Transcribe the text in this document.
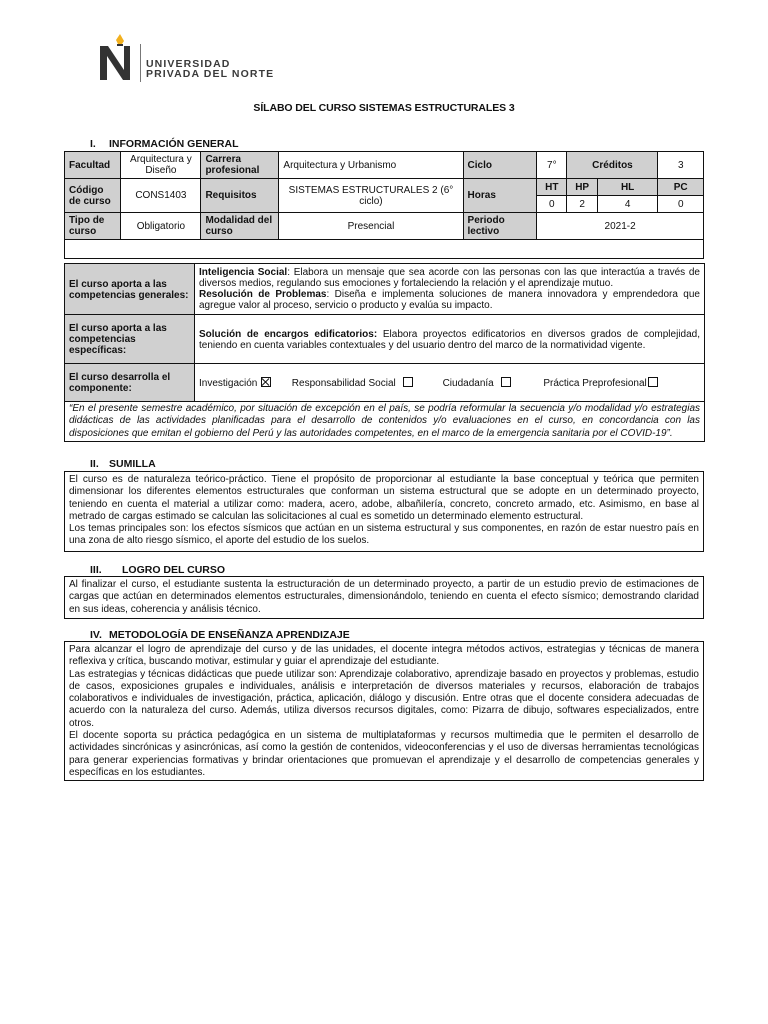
UNIVERSIDAD
PRIVADA DEL NORTE
SÍLABO DEL CURSO SISTEMAS ESTRUCTURALES 3
I. INFORMACIÓN GENERAL
Facultad	Arquitectura y Diseño	Carrera profesional	Arquitectura y Urbanismo	Ciclo	7°	Créditos		3
Código de curso	CONS1403	Requisitos	SISTEMAS ESTRUCTURALES 2 (6° ciclo)	Horas	HT	HP	HL	PC
					0	2	4	0
Tipo de curso	Obligatorio	Modalidad del curso	Presencial	Periodo lectivo	2021-2			

El curso aporta a las competencias generales:	Inteligencia Social: Elabora un mensaje que sea acorde con las personas con las que interactúa a través de diversos medios, regulando sus emociones y fortaleciendo la relación y el aprendizaje mutuo.
Resolución de Problemas: Diseña e implementa soluciones de manera innovadora y emprendedora que agregue valor al proceso, servicio o producto y evalúa su impacto.
El curso aporta a las competencias específicas:	Solución de encargos edificatorios: Elabora proyectos edificatorios en diversos grados de complejidad, teniendo en cuenta variables contextuales y del usuario dentro del marco de la normatividad vigente.
El curso desarrolla el componente:	Investigación Responsabilidad Social Ciudadanía Práctica Preprofesional
“En el presente semestre académico, por situación de excepción en el país, se podría reformular la secuencia y/o modalidad y/o estrategias didácticas de las actividades planificadas para el desarrollo de contenidos y/o evaluaciones en el curso, en concordancia con las disposiciones que emitan el gobierno del Perú y las autoridades competentes, en el marco de la emergencia sanitaria por el COVID-19”.	
II. SUMILLA

El curso es de naturaleza teórico-práctico. Tiene el propósito de proporcionar al estudiante la base conceptual y teórica que permiten dimensionar los diferentes elementos estructurales que conforman un sistema estructural que se adopte en un determinado proyecto, teniendo en cuenta el material a utilizar como: madera, acero, adobe, albañilería, concreto, concreto armado, etc. Asimismo, en base al metrado de cargas estimado se calculan las solicitaciones al cual es sometido un determinado elemento estructural.

Los temas principales son: los efectos sísmicos que actúan en un sistema estructural y sus componentes, en razón de estar nuestro país en una zona de alto riesgo sísmico, el aporte del estudio de los suelos.

III. LOGRO DEL CURSO

Al finalizar el curso, el estudiante sustenta la estructuración de un determinado proyecto, a partir de un estudio previo de estimaciones de cargas que actúan en determinados elementos estructurales, dimensionándolo, teniendo en cuenta el efecto sísmico; demostrando claridad en sus ideas, coherencia y análisis técnico.

IV. METODOLOGÍA DE ENSEÑANZA APRENDIZAJE

Para alcanzar el logro de aprendizaje del curso y de las unidades, el docente integra métodos activos, estrategias y técnicas de manera reflexiva y crítica, buscando motivar, estimular y guiar el aprendizaje del estudiante.

Las estrategias y técnicas didácticas que puede utilizar son: Aprendizaje colaborativo, aprendizaje basado en proyectos y problemas, estudio de casos, exposiciones grupales e individuales, análisis e interpretación de diversos materiales y recursos, elaboración de trabajos colaborativos e individuales de investigación, práctica, aplicación, diálogo y discusión. Entre otras que el docente considera adecuadas de acuerdo con la naturaleza del curso. Además, utiliza diversos recursos digitales, como: Pizarra de dibujo, softwares especializados, entre otros.

El docente soporta su práctica pedagógica en un sistema de multiplataformas y recursos multimedia que le permiten el desarrollo de actividades sincrónicas y asincrónicas, así como la gestión de contenidos, videoconferencias y el uso de diversas herramientas tecnológicas para generar experiencias formativas y brindar orientaciones que promuevan el aprendizaje y el desarrollo de competencias generales y específicas en los estudiantes.
